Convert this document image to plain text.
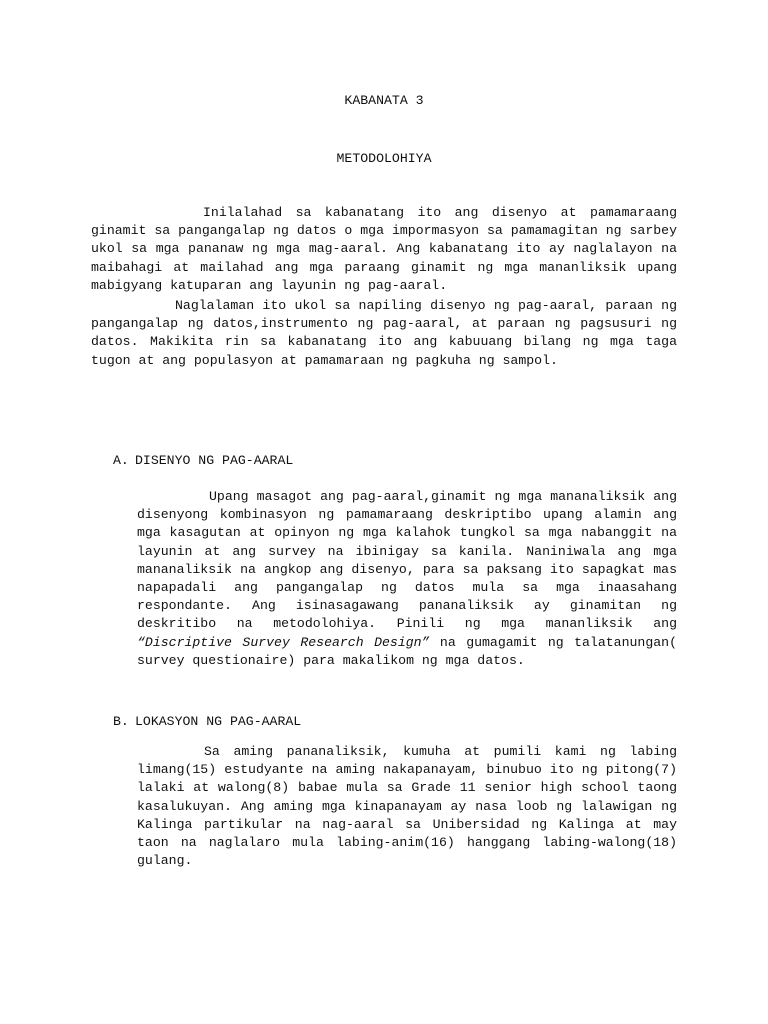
KABANATA 3

METODOLOHIYA

Inilalahad sa kabanatang ito ang disenyo at pamamaraang ginamit sa pangangalap ng datos o mga impormasyon sa pamamagitan ng sarbey ukol sa mga pananaw ng mga mag-aaral. Ang kabanatang ito ay naglalayon na maibahagi at mailahad ang mga paraang ginamit ng mga mananliksik upang mabigyang katuparan ang layunin ng pag-aaral.

Naglalaman ito ukol sa napiling disenyo ng pag-aaral, paraan ng pangangalap ng datos,instrumento ng pag-aaral, at paraan ng pagsusuri ng datos. Makikita rin sa kabanatang ito ang kabuuang bilang ng mga taga tugon at ang populasyon at pamamaraan ng pagkuha ng sampol.

A. DISENYO NG PAG-AARAL

Upang masagot ang pag-aaral,ginamit ng mga mananaliksik ang disenyong kombinasyon ng pamamaraang deskriptibo upang alamin ang mga kasagutan at opinyon ng mga kalahok tungkol sa mga nabanggit na layunin at ang survey na ibinigay sa kanila. Naniniwala ang mga mananaliksik na angkop ang disenyo, para sa paksang ito sapagkat mas napapadali ang pangangalap ng datos mula sa mga inaasahang respondante. Ang isinasagawang pananaliksik ay ginamitan ng deskritibo na metodolohiya. Pinili ng mga mananliksik ang “Discriptive Survey Research Design” na gumagamit ng talatanungan( survey questionaire) para makalikom ng mga datos.

B. LOKASYON NG PAG-AARAL

Sa aming pananaliksik, kumuha at pumili kami ng labing limang(15) estudyante na aming nakapanayam, binubuo ito ng pitong(7) lalaki at walong(8) babae mula sa Grade 11 senior high school taong kasalukuyan. Ang aming mga kinapanayam ay nasa loob ng lalawigan ng Kalinga partikular na nag-aaral sa Unibersidad ng Kalinga at may taon na naglalaro mula labing-anim(16) hanggang labing-walong(18) gulang.
